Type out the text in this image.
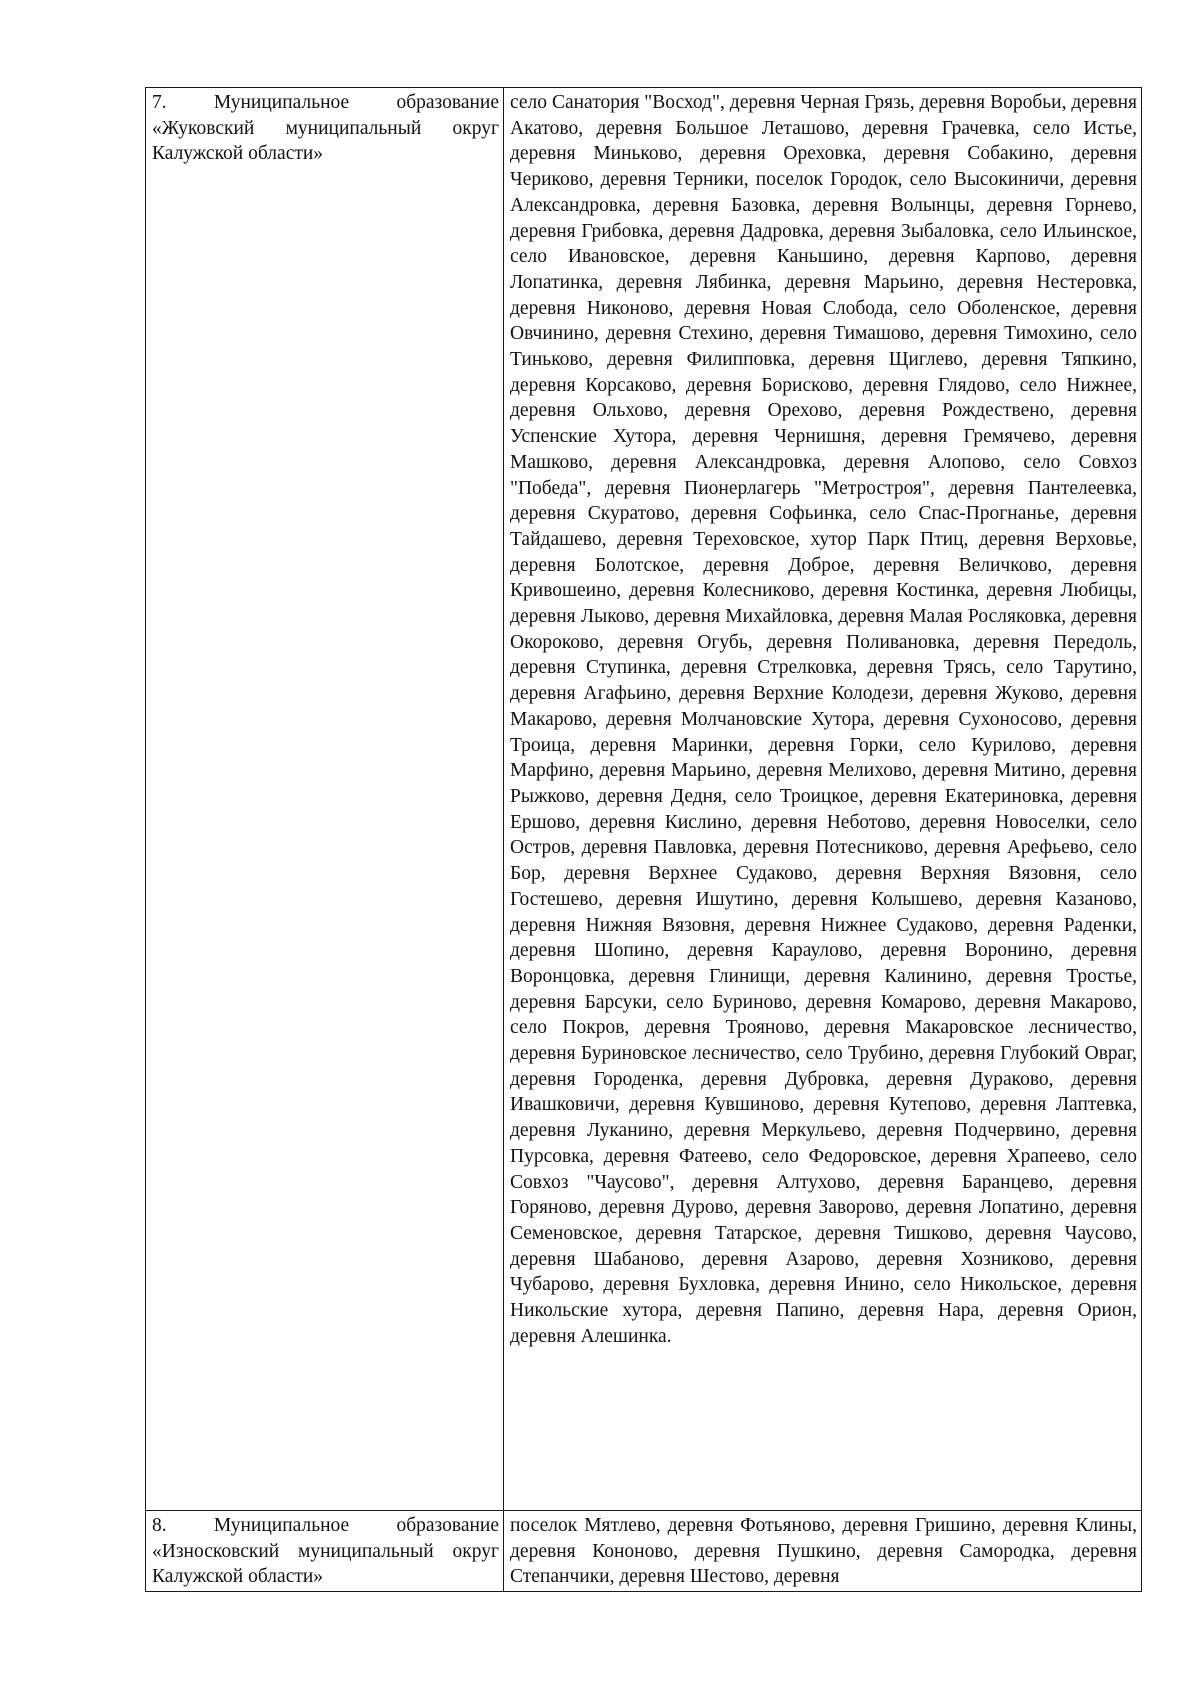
7. Муниципальное образование «Жуковский муниципальный округ Калужской области»	село Санатория "Восход", деревня Черная Грязь, деревня Воробьи, деревня Акатово, деревня Большое Леташово, деревня Грачевка, село Истье, деревня Миньково, деревня Ореховка, деревня Собакино, деревня Чериково, деревня Терники, поселок Городок, село Высокиничи, деревня Александровка, деревня Базовка, деревня Волынцы, деревня Горнево, деревня Грибовка, деревня Дадровка, деревня Зыбаловка, село Ильинское, село Ивановское, деревня Каньшино, деревня Карпово, деревня Лопатинка, деревня Лябинка, деревня Марьино, деревня Нестеровка, деревня Никоново, деревня Новая Слобода, село Оболенское, деревня Овчинино, деревня Стехино, деревня Тимашово, деревня Тимохино, село Тиньково, деревня Филипповка, деревня Щиглево, деревня Тяпкино, деревня Корсаково, деревня Борисково, деревня Глядово, село Нижнее, деревня Ольхово, деревня Орехово, деревня Рождествено, деревня Успенские Хутора, деревня Чернишня, деревня Гремячево, деревня Машково, деревня Александровка, деревня Алопово, село Совхоз "Победа", деревня Пионерлагерь "Метростроя", деревня Пантелеевка, деревня Скуратово, деревня Софьинка, село Спас-Прогнанье, деревня Тайдашево, деревня Тереховское, хутор Парк Птиц, деревня Верховье, деревня Болотское, деревня Доброе, деревня Величково, деревня Кривошеино, деревня Колесниково, деревня Костинка, деревня Любицы, деревня Лыково, деревня Михайловка, деревня Малая Росляковка, деревня Окороково, деревня Огубь, деревня Поливановка, деревня Передоль, деревня Ступинка, деревня Стрелковка, деревня Трясь, село Тарутино, деревня Агафьино, деревня Верхние Колодези, деревня Жуково, деревня Макарово, деревня Молчановские Хутора, деревня Сухоносово, деревня Троица, деревня Маринки, деревня Горки, село Курилово, деревня Марфино, деревня Марьино, деревня Мелихово, деревня Митино, деревня Рыжково, деревня Дедня, село Троицкое, деревня Екатериновка, деревня Ершово, деревня Кислино, деревня Неботово, деревня Новоселки, село Остров, деревня Павловка, деревня Потесниково, деревня Арефьево, село Бор, деревня Верхнее Судаково, деревня Верхняя Вязовня, село Гостешево, деревня Ишутино, деревня Колышево, деревня Казаново, деревня Нижняя Вязовня, деревня Нижнее Судаково, деревня Раденки, деревня Шопино, деревня Караулово, деревня Воронино, деревня Воронцовка, деревня Глинищи, деревня Калинино, деревня Тростье, деревня Барсуки, село Буриново, деревня Комарово, деревня Макарово, село Покров, деревня Трояново, деревня Макаровское лесничество, деревня Буриновское лесничество, село Трубино, деревня Глубокий Овраг, деревня Городенка, деревня Дубровка, деревня Дураково, деревня Ивашковичи, деревня Кувшиново, деревня Кутепово, деревня Лаптевка, деревня Луканино, деревня Меркульево, деревня Подчервино, деревня Пурсовка, деревня Фатеево, село Федоровское, деревня Храпеево, село Совхоз "Чаусово", деревня Алтухово, деревня Баранцево, деревня Горяново, деревня Дурово, деревня Заворово, деревня Лопатино, деревня Семеновское, деревня Татарское, деревня Тишково, деревня Чаусово, деревня Шабаново, деревня Азарово, деревня Хозниково, деревня Чубарово, деревня Бухловка, деревня Инино, село Никольское, деревня Никольские хутора, деревня Папино, деревня Нара, деревня Орион, деревня Алешинка.

8. Муниципальное образование «Износковский муниципальный округ Калужской области»	поселок Мятлево, деревня Фотьяново, деревня Гришино, деревня Клины, деревня Кононово, деревня Пушкино, деревня Самородка, деревня Степанчики, деревня Шестово, деревня
